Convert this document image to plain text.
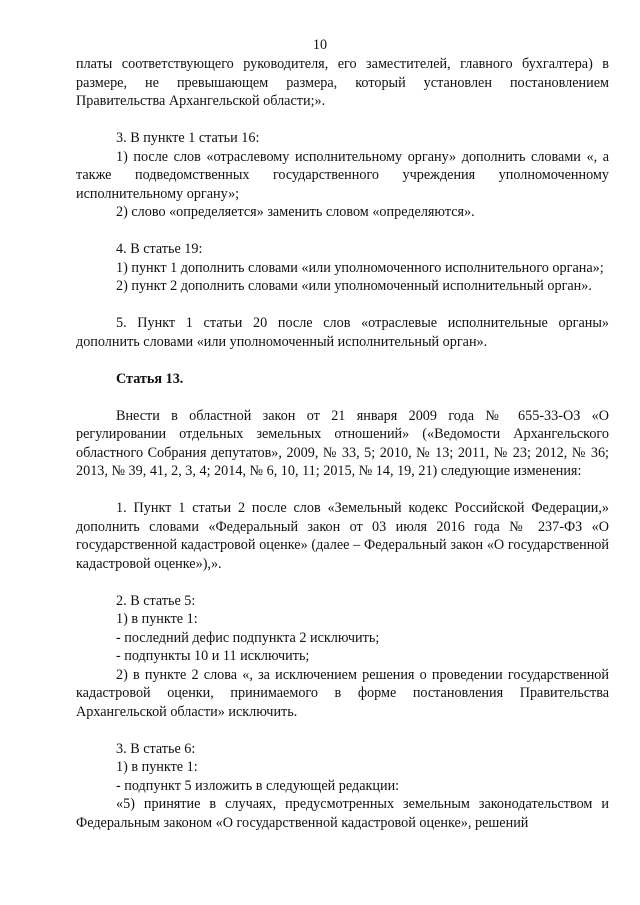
10

платы соответствующего руководителя, его заместителей, главного бухгалтера) в размере, не превышающем размера, который установлен постановлением Правительства Архангельской области;».

3. В пункте 1 статьи 16:

1) после слов «отраслевому исполнительному органу» дополнить словами «, а также подведомственных государственного учреждения уполномоченному исполнительному органу»;

2) слово «определяется» заменить словом «определяются».

4. В статье 19:

1) пункт 1 дополнить словами «или уполномоченного исполнительного органа»;

2) пункт 2 дополнить словами «или уполномоченный исполнительный орган».

5. Пункт 1 статьи 20 после слов «отраслевые исполнительные органы» дополнить словами «или уполномоченный исполнительный орган».

Статья 13.

Внести в областной закон от 21 января 2009 года № 655-33-ОЗ «О регулировании отдельных земельных отношений» («Ведомости Архангельского областного Собрания депутатов», 2009, № 33, 5; 2010, № 13; 2011, № 23; 2012, № 36; 2013, № 39, 41, 2, 3, 4; 2014, № 6, 10, 11; 2015, № 14, 19, 21) следующие изменения:

1. Пункт 1 статьи 2 после слов «Земельный кодекс Российской Федерации,» дополнить словами «Федеральный закон от 03 июля 2016 года № 237-ФЗ «О государственной кадастровой оценке» (далее – Федеральный закон «О государственной кадастровой оценке»),».

2. В статье 5:

1) в пункте 1:

- последний дефис подпункта 2 исключить;

- подпункты 10 и 11 исключить;

2) в пункте 2 слова «, за исключением решения о проведении государственной кадастровой оценки, принимаемого в форме постановления Правительства Архангельской области» исключить.

3. В статье 6:

1) в пункте 1:

- подпункт 5 изложить в следующей редакции:

«5) принятие в случаях, предусмотренных земельным законодательством и Федеральным законом «О государственной кадастровой оценке», решений
